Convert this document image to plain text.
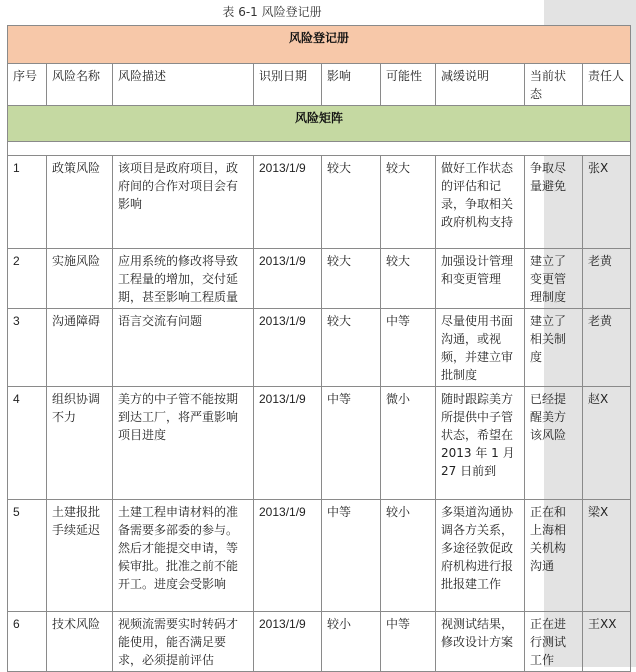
表 6-1 风险登记册
风险登记册								
序号	风险名称	风险描述	识别日期	影响	可能性	减缓说明	当前状态	责任人
风险矩阵								

1	政策风险	该项目是政府项目，政府间的合作对项目会有影响	2013/1/9	较大	较大	做好工作状态的评估和记录，争取相关政府机构支持	争取尽量避免	张X
2	实施风险	应用系统的修改将导致工程量的增加，交付延期，甚至影响工程质量	2013/1/9	较大	较大	加强设计管理和变更管理	建立了变更管理制度	老黄
3	沟通障碍	语言交流有问题	2013/1/9	较大	中等	尽量使用书面沟通，或视频，并建立审批制度	建立了相关制度	老黄
4	组织协调不力	美方的中子管不能按期到达工厂，将严重影响项目进度	2013/1/9	中等	微小	随时跟踪美方所提供中子管状态，希望在 2013 年 1 月 27 日前到	已经提醒美方该风险	赵X
5	土建报批手续延迟	土建工程申请材料的准备需要多部委的参与。然后才能提交申请，等候审批。批准之前不能开工。进度会受影响	2013/1/9	中等	较小	多渠道沟通协调各方关系，多途径敦促政府机构进行报批报建工作	正在和上海相关机构沟通	梁X
6	技术风险	视频流需要实时转码才能使用，能否满足要求，必须提前评估	2013/1/9	较小	中等	视测试结果，修改设计方案	正在进行测试工作	王XX
